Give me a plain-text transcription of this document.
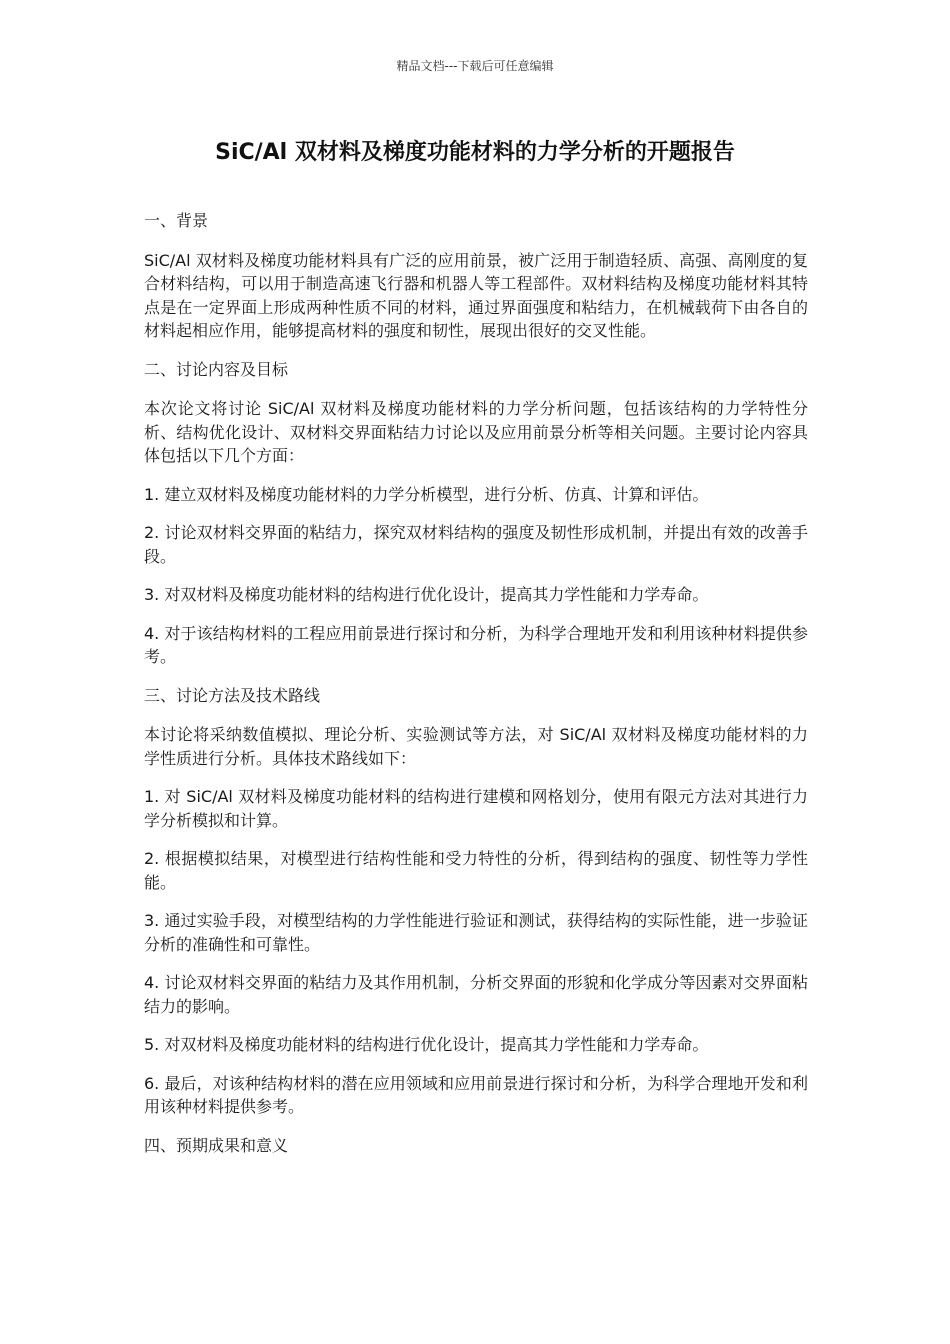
精品文档---下载后可任意编辑
SiC/Al 双材料及梯度功能材料的力学分析的开题报告
一、背景

SiC/Al 双材料及梯度功能材料具有广泛的应用前景，被广泛用于制造轻质、高强、高刚度的复合材料结构，可以用于制造高速飞行器和机器人等工程部件。双材料结构及梯度功能材料其特点是在一定界面上形成两种性质不同的材料，通过界面强度和粘结力，在机械载荷下由各自的材料起相应作用，能够提高材料的强度和韧性，展现出很好的交叉性能。

二、讨论内容及目标

本次论文将讨论 SiC/Al 双材料及梯度功能材料的力学分析问题，包括该结构的力学特性分析、结构优化设计、双材料交界面粘结力讨论以及应用前景分析等相关问题。主要讨论内容具体包括以下几个方面：

1. 建立双材料及梯度功能材料的力学分析模型，进行分析、仿真、计算和评估。

2. 讨论双材料交界面的粘结力，探究双材料结构的强度及韧性形成机制，并提出有效的改善手段。

3. 对双材料及梯度功能材料的结构进行优化设计，提高其力学性能和力学寿命。

4. 对于该结构材料的工程应用前景进行探讨和分析，为科学合理地开发和利用该种材料提供参考。

三、讨论方法及技术路线

本讨论将采纳数值模拟、理论分析、实验测试等方法，对 SiC/Al 双材料及梯度功能材料的力学性质进行分析。具体技术路线如下：

1. 对 SiC/Al 双材料及梯度功能材料的结构进行建模和网格划分，使用有限元方法对其进行力学分析模拟和计算。

2. 根据模拟结果，对模型进行结构性能和受力特性的分析，得到结构的强度、韧性等力学性能。

3. 通过实验手段，对模型结构的力学性能进行验证和测试，获得结构的实际性能，进一步验证分析的准确性和可靠性。

4. 讨论双材料交界面的粘结力及其作用机制，分析交界面的形貌和化学成分等因素对交界面粘结力的影响。

5. 对双材料及梯度功能材料的结构进行优化设计，提高其力学性能和力学寿命。

6. 最后，对该种结构材料的潜在应用领域和应用前景进行探讨和分析，为科学合理地开发和利用该种材料提供参考。

四、预期成果和意义
